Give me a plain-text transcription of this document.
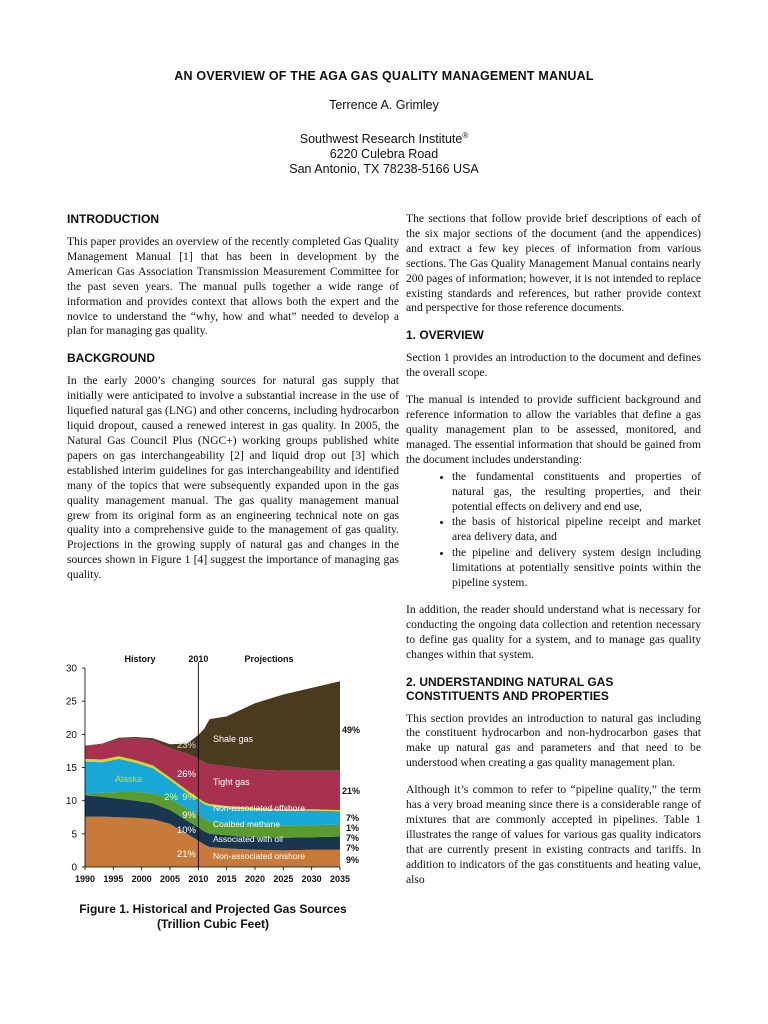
AN OVERVIEW OF THE AGA GAS QUALITY MANAGEMENT MANUAL
Terrence A. Grimley
Southwest Research Institute®
6220 Culebra Road
San Antonio, TX 78238-5166 USA
INTRODUCTION

This paper provides an overview of the recently completed Gas Quality Management Manual [1] that has been in development by the American Gas Association Transmission Measurement Committee for the past seven years. The manual pulls together a wide range of information and provides context that allows both the expert and the novice to understand the “why, how and what” needed to develop a plan for managing gas quality.

BACKGROUND

In the early 2000’s changing sources for natural gas supply that initially were anticipated to involve a substantial increase in the use of liquefied natural gas (LNG) and other concerns, including hydrocarbon liquid dropout, caused a renewed interest in gas quality. In 2005, the Natural Gas Council Plus (NGC+) working groups published white papers on gas interchangeability [2] and liquid drop out [3] which established interim guidelines for gas interchangeability and identified many of the topics that were subsequently expanded upon in the gas quality management manual. The gas quality management manual grew from its original form as an engineering technical note on gas quality into a comprehensive guide to the management of gas quality. Projections in the growing supply of natural gas and changes in the sources shown in Figure 1 [4] suggest the importance of managing gas quality.

0
5
10
15
20
25
30
1990 1995 2000 2005 2010 2015 2020 2025 2030 2035
History	2010	Projections
Shale gas
Tight gas
Alaska
Non-associated offshore
Coalbed methane
Associated with oil
Non-associated onshore
23%
26%
2% 9%
9%
10%
21%
49%
21%
7%
1%
7%
7%
9%
Figure 1. Historical and Projected Gas Sources (Trillion Cubic Feet)

The sections that follow provide brief descriptions of each of the six major sections of the document (and the appendices) and extract a few key pieces of information from various sections. The Gas Quality Management Manual contains nearly 200 pages of information; however, it is not intended to replace existing standards and references, but rather provide context and perspective for those reference documents.

1. OVERVIEW

Section 1 provides an introduction to the document and defines the overall scope.

The manual is intended to provide sufficient background and reference information to allow the variables that define a gas quality management plan to be assessed, monitored, and managed. The essential information that should be gained from the document includes understanding:

• the fundamental constituents and properties of natural gas, the resulting properties, and their potential effects on delivery and end use,
• the basis of historical pipeline receipt and market area delivery data, and
• the pipeline and delivery system design including limitations at potentially sensitive points within the pipeline system.

In addition, the reader should understand what is necessary for conducting the ongoing data collection and retention necessary to define gas quality for a system, and to manage gas quality changes within that system.

2. UNDERSTANDING NATURAL GAS CONSTITUENTS AND PROPERTIES

This section provides an introduction to natural gas including the constituent hydrocarbon and non-hydrocarbon gases that make up natural gas and parameters and that need to be understood when creating a gas quality management plan.

Although it’s common to refer to “pipeline quality,” the term has a very broad meaning since there is a considerable range of mixtures that are commonly accepted in pipelines. Table 1 illustrates the range of values for various gas quality indicators that are currently present in existing contracts and tariffs. In addition to indicators of the gas constituents and heating value, also
